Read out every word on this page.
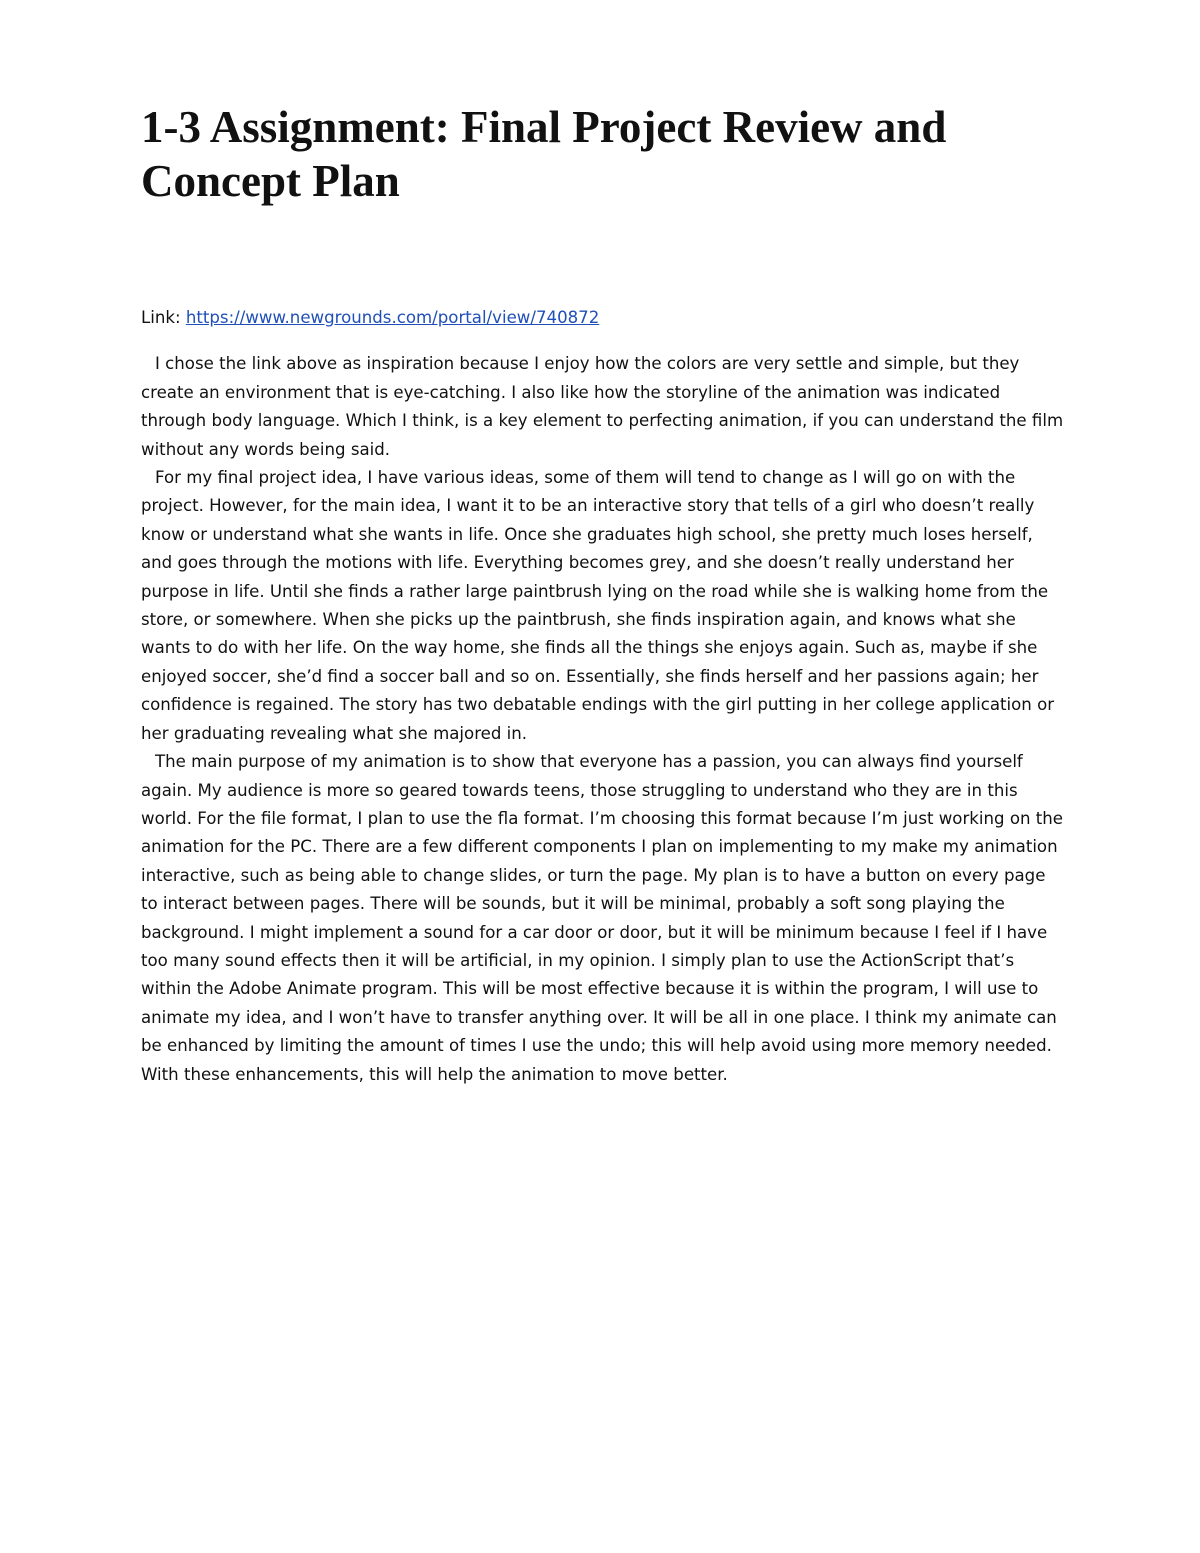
1-3 Assignment: Final Project Review and Concept Plan

Link: https://www.newgrounds.com/portal/view/740872

I chose the link above as inspiration because I enjoy how the colors are very settle and simple, but they create an environment that is eye-catching. I also like how the storyline of the animation was indicated through body language. Which I think, is a key element to perfecting animation, if you can understand the film without any words being said.

For my final project idea, I have various ideas, some of them will tend to change as I will go on with the project. However, for the main idea, I want it to be an interactive story that tells of a girl who doesn’t really know or understand what she wants in life. Once she graduates high school, she pretty much loses herself, and goes through the motions with life. Everything becomes grey, and she doesn’t really understand her purpose in life. Until she finds a rather large paintbrush lying on the road while she is walking home from the store, or somewhere. When she picks up the paintbrush, she finds inspiration again, and knows what she wants to do with her life. On the way home, she finds all the things she enjoys again. Such as, maybe if she enjoyed soccer, she’d find a soccer ball and so on. Essentially, she finds herself and her passions again; her confidence is regained. The story has two debatable endings with the girl putting in her college application or her graduating revealing what she majored in.

The main purpose of my animation is to show that everyone has a passion, you can always find yourself again. My audience is more so geared towards teens, those struggling to understand who they are in this world. For the file format, I plan to use the fla format. I’m choosing this format because I’m just working on the animation for the PC. There are a few different components I plan on implementing to my make my animation interactive, such as being able to change slides, or turn the page. My plan is to have a button on every page to interact between pages. There will be sounds, but it will be minimal, probably a soft song playing the background. I might implement a sound for a car door or door, but it will be minimum because I feel if I have too many sound effects then it will be artificial, in my opinion. I simply plan to use the ActionScript that’s within the Adobe Animate program. This will be most effective because it is within the program, I will use to animate my idea, and I won’t have to transfer anything over. It will be all in one place. I think my animate can be enhanced by limiting the amount of times I use the undo; this will help avoid using more memory needed. With these enhancements, this will help the animation to move better.
